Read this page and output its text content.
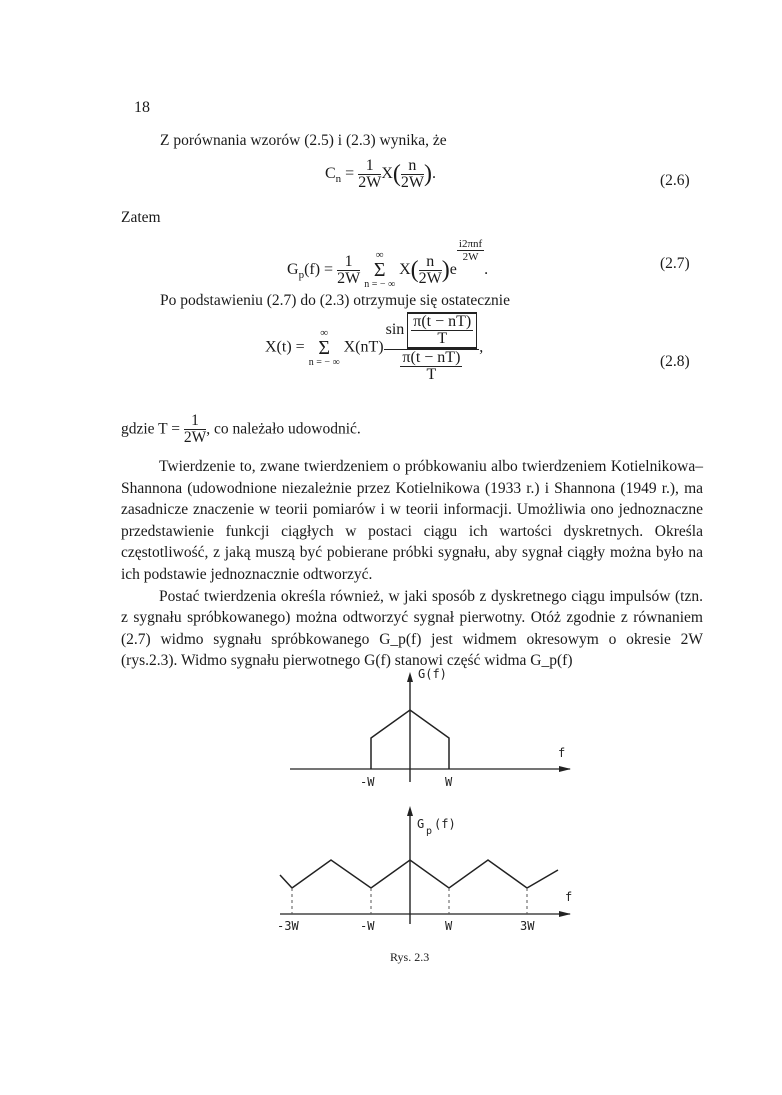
18
Z porównania wzorów (2.5) i (2.3) wynika, że
$C_n = \frac{1}{2W} X( \frac{n}{2W}$ ).	(2.6)
Zatem
$G_p(f) = \frac{1}{2W}$
	∞
Σ
n = − ∞
$X( \frac{n}{2W} )e$
$\frac{\text{i2πnf}}{2W}$
.	(2.7)
Po podstawieniu (2.7) do (2.3) otrzymuje się ostatecznie
X(t) =
∞
Σ
n = − ∞
$X(nT) \frac{\sin \frac{\pi(t - nT)}{T}}{\frac{\pi(t - nT)}{T}}$ ,
(2.8)
gdzie $T = \frac{1}{2W}$ , co należało udowodnić.

Twierdzenie to, zwane twierdzeniem o próbkowaniu albo twierdzeniem Kotielnikowa–Shannona (udowodnione niezależnie przez Kotielnikowa (1933 r.) i Shannona (1949 r.), ma zasadnicze znaczenie w teorii pomiarów i w teorii informacji. Umożliwia ono jednoznaczne przedstawienie funkcji ciągłych w postaci ciągu ich wartości dyskretnych. Określa częstotliwość, z jaką muszą być pobierane próbki sygnału, aby sygnał ciągły można było na ich podstawie jednoznacznie odtworzyć.

Postać twierdzenia określa również, w jaki sposób z dyskretnego ciągu impulsów (tzn. z sygnału spróbkowanego) można odtworzyć sygnał pierwotny. Otóż zgodnie z równaniem (2.7) widmo sygnału spróbkowanego G_p(f) jest widmem okresowym o okresie 2W (rys.2.3). Widmo sygnału pierwotnego G(f) stanowi część widma G_p(f)

G(f)
f
-W	W
G
p
(f)
f
-3W	-W	W	3W
Rys. 2.3
